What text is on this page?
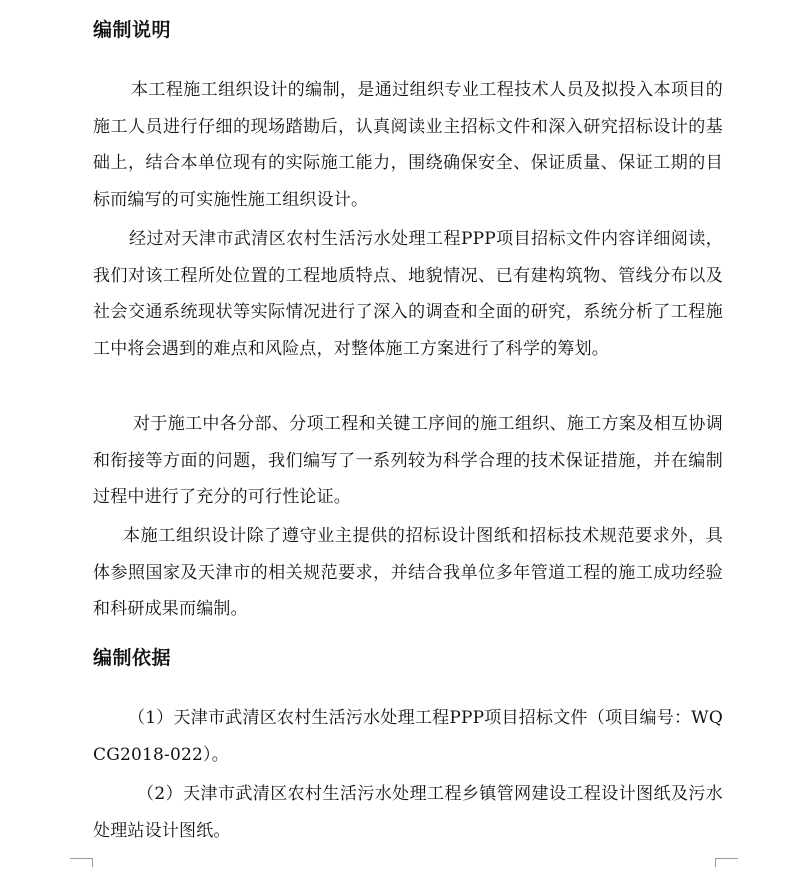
编制说明

本工程施工组织设计的编制，是通过组织专业工程技术人员及拟投入本项目的施工人员进行仔细的现场踏勘后，认真阅读业主招标文件和深入研究招标设计的基础上，结合本单位现有的实际施工能力，围绕确保安全、保证质量、保证工期的目标而编写的可实施性施工组织设计。

经过对天津市武清区农村生活污水处理工程PPP项目招标文件内容详细阅读，我们对该工程所处位置的工程地质特点、地貌情况、已有建构筑物、管线分布以及社会交通系统现状等实际情况进行了深入的调查和全面的研究，系统分析了工程施工中将会遇到的难点和风险点，对整体施工方案进行了科学的筹划。

对于施工中各分部、分项工程和关键工序间的施工组织、施工方案及相互协调和衔接等方面的问题，我们编写了一系列较为科学合理的技术保证措施，并在编制过程中进行了充分的可行性论证。

本施工组织设计除了遵守业主提供的招标设计图纸和招标技术规范要求外，具体参照国家及天津市的相关规范要求，并结合我单位多年管道工程的施工成功经验和科研成果而编制。

编制依据

（1）天津市武清区农村生活污水处理工程PPP项目招标文件（项目编号：WQCG2018-022）。

（2）天津市武清区农村生活污水处理工程乡镇管网建设工程设计图纸及污水处理站设计图纸。
